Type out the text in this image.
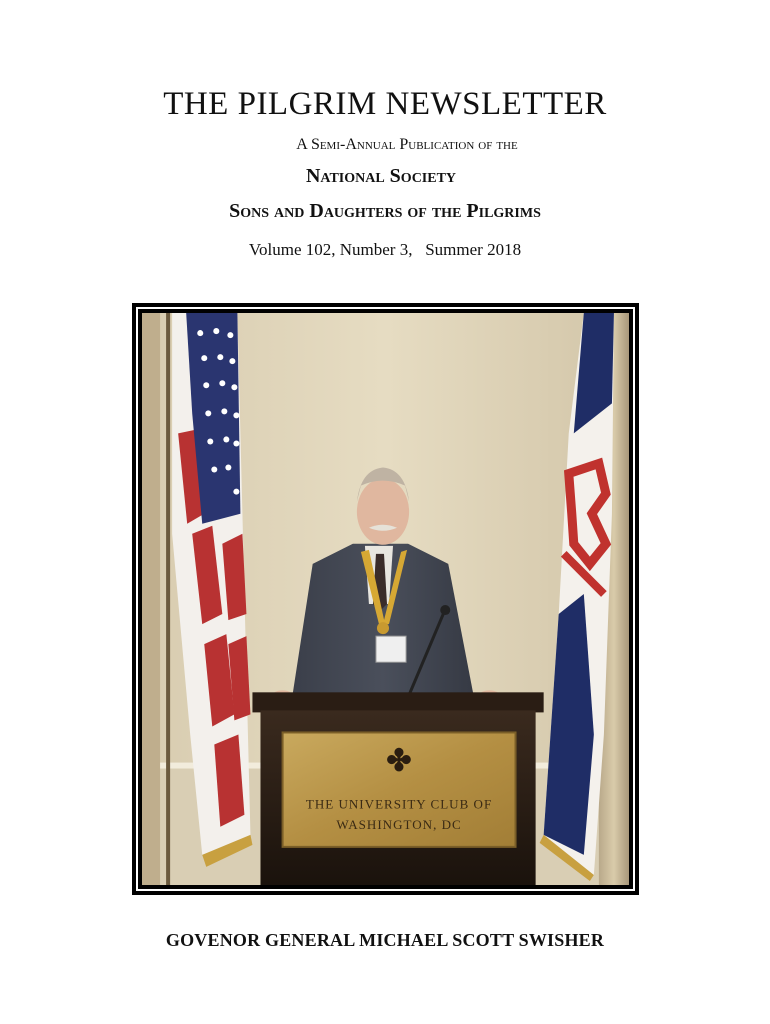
THE PILGRIM NEWSLETTER
A Semi-Annual Publication of the
National Society
Sons and Daughters of the Pilgrims
Volume 102, Number 3,   Summer 2018
✤
THE UNIVERSITY CLUB OF
WASHINGTON, DC
GOVENOR GENERAL MICHAEL SCOTT SWISHER
